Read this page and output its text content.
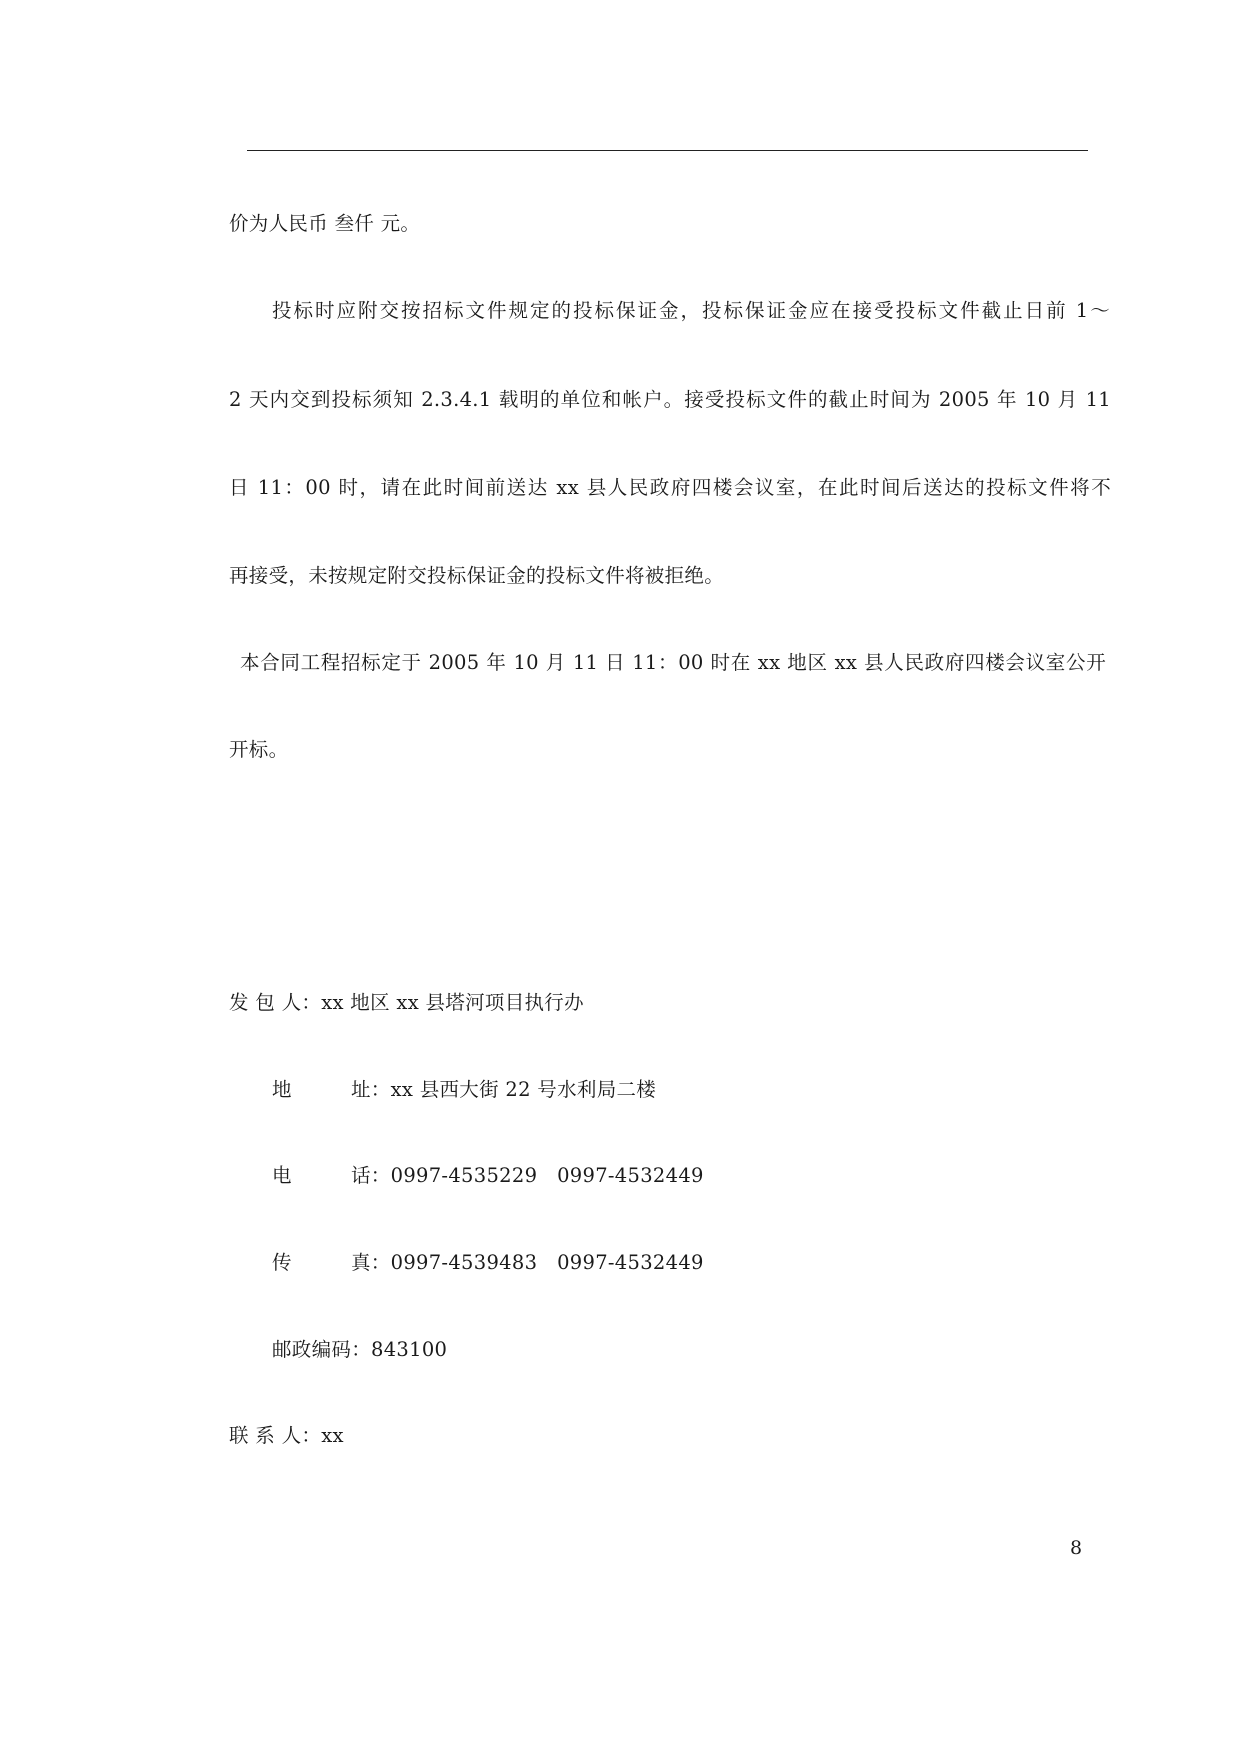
价为人民币 叁仟 元。
投标时应附交按招标文件规定的投标保证金，投标保证金应在接受投标文件截止日前 1～
2 天内交到投标须知 2.3.4.1 载明的单位和帐户。接受投标文件的截止时间为 2005 年 10 月 11
日 11：00 时，请在此时间前送达 xx 县人民政府四楼会议室，在此时间后送达的投标文件将不
再接受，未按规定附交投标保证金的投标文件将被拒绝。
本合同工程招标定于 2005 年 10 月 11 日 11：00 时在 xx 地区 xx 县人民政府四楼会议室公开
开标。
发 包 人：xx 地区 xx 县塔河项目执行办
地	址：xx 县西大街 22 号水利局二楼
电	话：0997-4535229　0997-4532449
传	真：0997-4539483　0997-4532449
邮政编码：843100
联 系 人：xx
8
